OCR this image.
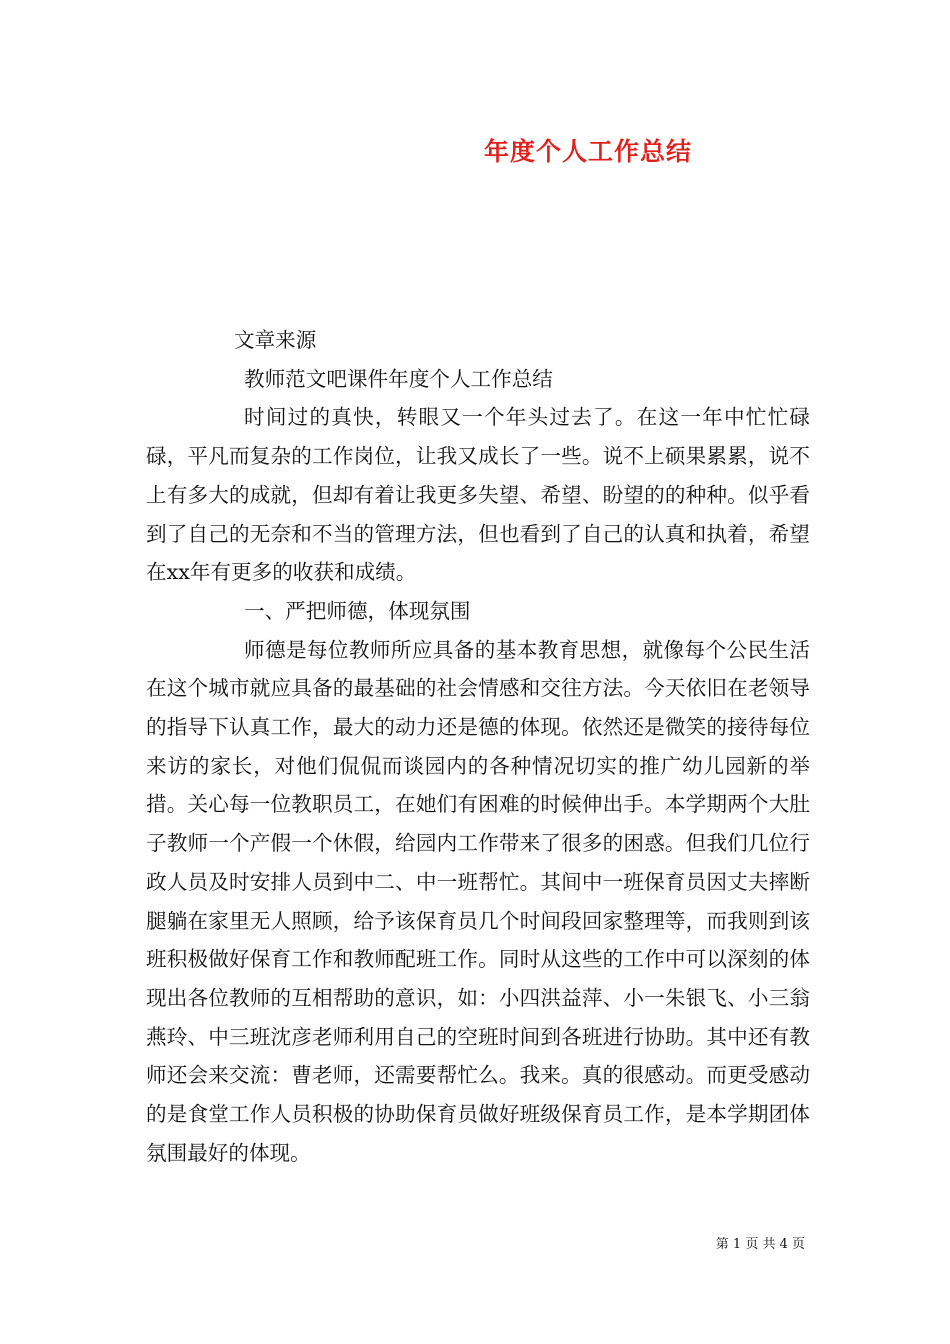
年度个人工作总结

文章来源

教师范文吧课件年度个人工作总结

时间过的真快，转眼又一个年头过去了。在这一年中忙忙碌碌，平凡而复杂的工作岗位，让我又成长了一些。说不上硕果累累，说不上有多大的成就，但却有着让我更多失望、希望、盼望的的种种。似乎看到了自己的无奈和不当的管理方法，但也看到了自己的认真和执着，希望在xx年有更多的收获和成绩。

一、严把师德，体现氛围

师德是每位教师所应具备的基本教育思想，就像每个公民生活在这个城市就应具备的最基础的社会情感和交往方法。今天依旧在老领导的指导下认真工作，最大的动力还是德的体现。依然还是微笑的接待每位来访的家长，对他们侃侃而谈园内的各种情况切实的推广幼儿园新的举措。关心每一位教职员工，在她们有困难的时候伸出手。本学期两个大肚子教师一个产假一个休假，给园内工作带来了很多的困惑。但我们几位行政人员及时安排人员到中二、中一班帮忙。其间中一班保育员因丈夫摔断腿躺在家里无人照顾，给予该保育员几个时间段回家整理等，而我则到该班积极做好保育工作和教师配班工作。同时从这些的工作中可以深刻的体现出各位教师的互相帮助的意识，如：小四洪益萍、小一朱银飞、小三翁燕玲、中三班沈彦老师利用自己的空班时间到各班进行协助。其中还有教师还会来交流：曹老师，还需要帮忙么。我来。真的很感动。而更受感动的是食堂工作人员积极的协助保育员做好班级保育员工作，是本学期团体氛围最好的体现。

第 1 页 共 4 页
